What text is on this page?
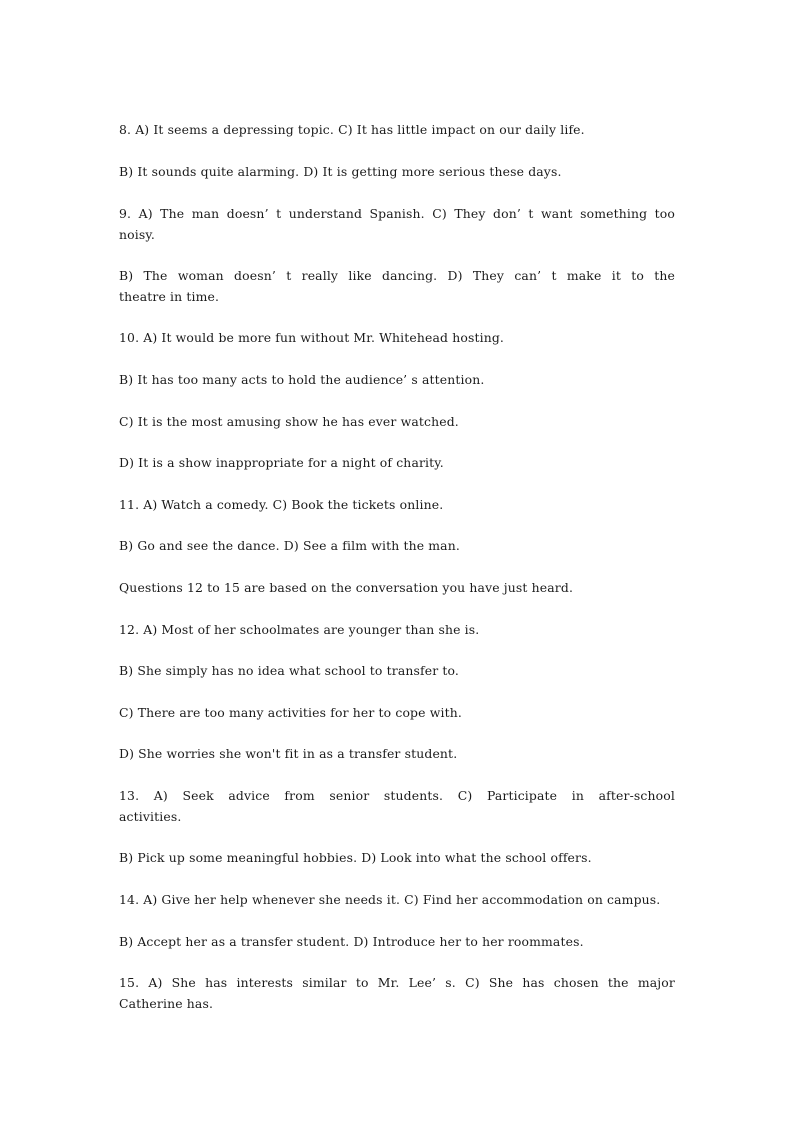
8. A) It seems a depressing topic. C) It has little impact on our daily life.

B) It sounds quite alarming. D) It is getting more serious these days.

9. A) The man doesn’ t understand Spanish. C) They don’ t want something too
noisy.
B) The woman doesn’ t really like dancing. D) They can’ t make it to the
theatre in time.

10. A) It would be more fun without Mr. Whitehead hosting.

B) It has too many acts to hold the audience’ s attention.

C) It is the most amusing show he has ever watched.

D) It is a show inappropriate for a night of charity.

11. A) Watch a comedy. C) Book the tickets online.

B) Go and see the dance. D) See a film with the man.

Questions 12 to 15 are based on the conversation you have just heard.

12. A) Most of her schoolmates are younger than she is.

B) She simply has no idea what school to transfer to.

C) There are too many activities for her to cope with.

D) She worries she won't fit in as a transfer student.

13. A) Seek advice from senior students. C) Participate in after-school
activities.

B) Pick up some meaningful hobbies. D) Look into what the school offers.

14. A) Give her help whenever she needs it. C) Find her accommodation on campus.

B) Accept her as a transfer student. D) Introduce her to her roommates.

15. A) She has interests similar to Mr. Lee’ s. C) She has chosen the major
Catherine has.
